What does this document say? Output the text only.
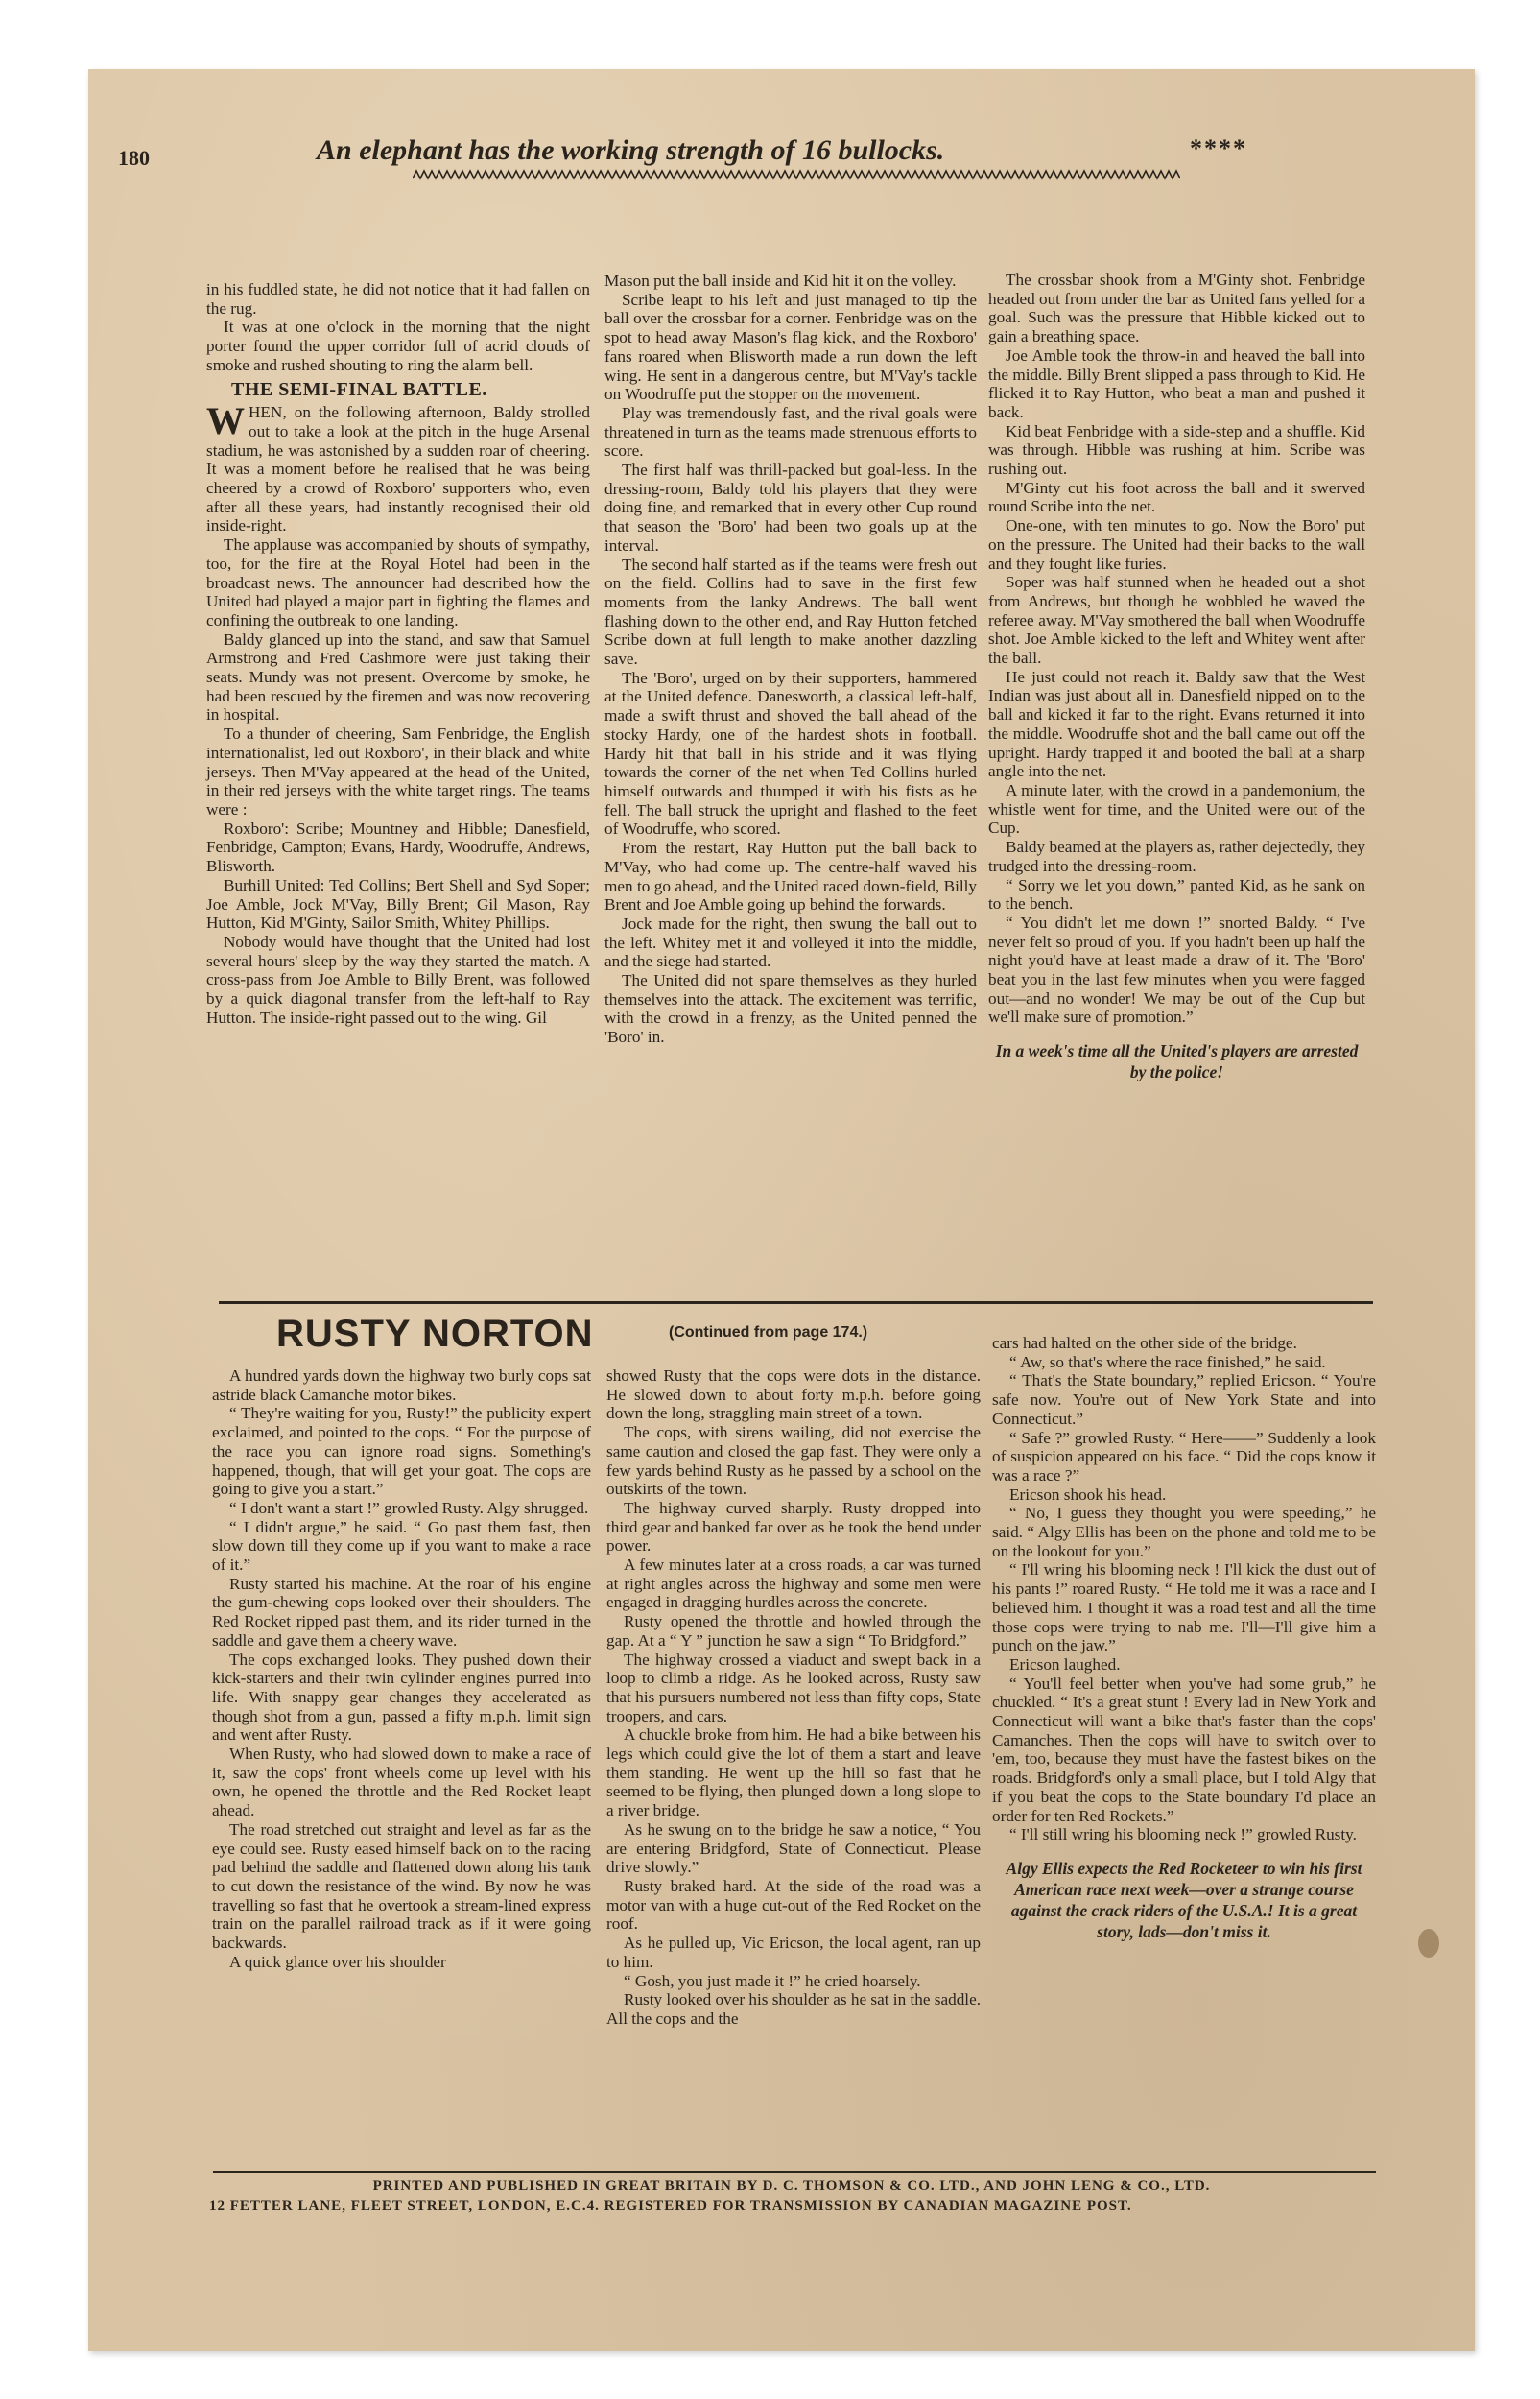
180	An elephant has the working strength of 16 bullocks.	****

in his fuddled state, he did not notice that it had fallen on the rug.

It was at one o'clock in the morning that the night porter found the upper corridor full of acrid clouds of smoke and rushed shouting to ring the alarm bell.

THE SEMI-FINAL BATTLE.

WHEN, on the following afternoon, Baldy strolled out to take a look at the pitch in the huge Arsenal stadium, he was astonished by a sudden roar of cheering. It was a moment before he realised that he was being cheered by a crowd of Roxboro' supporters who, even after all these years, had instantly recognised their old inside-right.

The applause was accompanied by shouts of sympathy, too, for the fire at the Royal Hotel had been in the broadcast news. The announcer had described how the United had played a major part in fighting the flames and confining the outbreak to one landing.

Baldy glanced up into the stand, and saw that Samuel Armstrong and Fred Cashmore were just taking their seats. Mundy was not present. Overcome by smoke, he had been rescued by the firemen and was now recovering in hospital.

To a thunder of cheering, Sam Fenbridge, the English internationalist, led out Roxboro', in their black and white jerseys. Then M'Vay appeared at the head of the United, in their red jerseys with the white target rings. The teams were :

Roxboro': Scribe; Mountney and Hibble; Danesfield, Fenbridge, Campton; Evans, Hardy, Woodruffe, Andrews, Blisworth.

Burhill United: Ted Collins; Bert Shell and Syd Soper; Joe Amble, Jock M'Vay, Billy Brent; Gil Mason, Ray Hutton, Kid M'Ginty, Sailor Smith, Whitey Phillips.

Nobody would have thought that the United had lost several hours' sleep by the way they started the match. A cross-pass from Joe Amble to Billy Brent, was followed by a quick diagonal transfer from the left-half to Ray Hutton. The inside-right passed out to the wing. Gil

Mason put the ball inside and Kid hit it on the volley.

Scribe leapt to his left and just managed to tip the ball over the crossbar for a corner. Fenbridge was on the spot to head away Mason's flag kick, and the Roxboro' fans roared when Blisworth made a run down the left wing. He sent in a dangerous centre, but M'Vay's tackle on Woodruffe put the stopper on the movement.

Play was tremendously fast, and the rival goals were threatened in turn as the teams made strenuous efforts to score.

The first half was thrill-packed but goal-less. In the dressing-room, Baldy told his players that they were doing fine, and remarked that in every other Cup round that season the 'Boro' had been two goals up at the interval.

The second half started as if the teams were fresh out on the field. Collins had to save in the first few moments from the lanky Andrews. The ball went flashing down to the other end, and Ray Hutton fetched Scribe down at full length to make another dazzling save.

The 'Boro', urged on by their supporters, hammered at the United defence. Danesworth, a classical left-half, made a swift thrust and shoved the ball ahead of the stocky Hardy, one of the hardest shots in football. Hardy hit that ball in his stride and it was flying towards the corner of the net when Ted Collins hurled himself outwards and thumped it with his fists as he fell. The ball struck the upright and flashed to the feet of Woodruffe, who scored.

From the restart, Ray Hutton put the ball back to M'Vay, who had come up. The centre-half waved his men to go ahead, and the United raced down-field, Billy Brent and Joe Amble going up behind the forwards.

Jock made for the right, then swung the ball out to the left. Whitey met it and volleyed it into the middle, and the siege had started.

The United did not spare themselves as they hurled themselves into the attack. The excitement was terrific, with the crowd in a frenzy, as the United penned the 'Boro' in.

The crossbar shook from a M'Ginty shot. Fenbridge headed out from under the bar as United fans yelled for a goal. Such was the pressure that Hibble kicked out to gain a breathing space.

Joe Amble took the throw-in and heaved the ball into the middle. Billy Brent slipped a pass through to Kid. He flicked it to Ray Hutton, who beat a man and pushed it back.

Kid beat Fenbridge with a side-step and a shuffle. Kid was through. Hibble was rushing at him. Scribe was rushing out.

M'Ginty cut his foot across the ball and it swerved round Scribe into the net.

One-one, with ten minutes to go. Now the Boro' put on the pressure. The United had their backs to the wall and they fought like furies.

Soper was half stunned when he headed out a shot from Andrews, but though he wobbled he waved the referee away. M'Vay smothered the ball when Woodruffe shot. Joe Amble kicked to the left and Whitey went after the ball.

He just could not reach it. Baldy saw that the West Indian was just about all in. Danesfield nipped on to the ball and kicked it far to the right. Evans returned it into the middle. Woodruffe shot and the ball came out off the upright. Hardy trapped it and booted the ball at a sharp angle into the net.

A minute later, with the crowd in a pandemonium, the whistle went for time, and the United were out of the Cup.

Baldy beamed at the players as, rather dejectedly, they trudged into the dressing-room.

“ Sorry we let you down,” panted Kid, as he sank on to the bench.

“ You didn't let me down !” snorted Baldy. “ I've never felt so proud of you. If you hadn't been up half the night you'd have at least made a draw of it. The 'Boro' beat you in the last few minutes when you were fagged out—and no wonder! We may be out of the Cup but we'll make sure of promotion.”

In a week's time all the United's players are arrested by the police!

RUSTY NORTON	(Continued from page 174.)

A hundred yards down the highway two burly cops sat astride black Camanche motor bikes.

“ They're waiting for you, Rusty!” the publicity expert exclaimed, and pointed to the cops. “ For the purpose of the race you can ignore road signs. Something's happened, though, that will get your goat. The cops are going to give you a start.”

“ I don't want a start !” growled Rusty. Algy shrugged.

“ I didn't argue,” he said. “ Go past them fast, then slow down till they come up if you want to make a race of it.”

Rusty started his machine. At the roar of his engine the gum-chewing cops looked over their shoulders. The Red Rocket ripped past them, and its rider turned in the saddle and gave them a cheery wave.

The cops exchanged looks. They pushed down their kick-starters and their twin cylinder engines purred into life. With snappy gear changes they accelerated as though shot from a gun, passed a fifty m.p.h. limit sign and went after Rusty.

When Rusty, who had slowed down to make a race of it, saw the cops' front wheels come up level with his own, he opened the throttle and the Red Rocket leapt ahead.

The road stretched out straight and level as far as the eye could see. Rusty eased himself back on to the racing pad behind the saddle and flattened down along his tank to cut down the resistance of the wind. By now he was travelling so fast that he overtook a stream-lined express train on the parallel railroad track as if it were going backwards.

A quick glance over his shoulder

showed Rusty that the cops were dots in the distance. He slowed down to about forty m.p.h. before going down the long, straggling main street of a town.

The cops, with sirens wailing, did not exercise the same caution and closed the gap fast. They were only a few yards behind Rusty as he passed by a school on the outskirts of the town.

The highway curved sharply. Rusty dropped into third gear and banked far over as he took the bend under power.

A few minutes later at a cross roads, a car was turned at right angles across the highway and some men were engaged in dragging hurdles across the concrete.

Rusty opened the throttle and howled through the gap. At a “ Y ” junction he saw a sign “ To Bridgford.”

The highway crossed a viaduct and swept back in a loop to climb a ridge. As he looked across, Rusty saw that his pursuers numbered not less than fifty cops, State troopers, and cars.

A chuckle broke from him. He had a bike between his legs which could give the lot of them a start and leave them standing. He went up the hill so fast that he seemed to be flying, then plunged down a long slope to a river bridge.

As he swung on to the bridge he saw a notice, “ You are entering Bridgford, State of Connecticut. Please drive slowly.”

Rusty braked hard. At the side of the road was a motor van with a huge cut-out of the Red Rocket on the roof.

As he pulled up, Vic Ericson, the local agent, ran up to him.

“ Gosh, you just made it !” he cried hoarsely.

Rusty looked over his shoulder as he sat in the saddle. All the cops and the

cars had halted on the other side of the bridge.

“ Aw, so that's where the race finished,” he said.

“ That's the State boundary,” replied Ericson. “ You're safe now. You're out of New York State and into Connecticut.”

“ Safe ?” growled Rusty. “ Here——” Suddenly a look of suspicion appeared on his face. “ Did the cops know it was a race ?”

Ericson shook his head.

“ No, I guess they thought you were speeding,” he said. “ Algy Ellis has been on the phone and told me to be on the lookout for you.”

“ I'll wring his blooming neck ! I'll kick the dust out of his pants !” roared Rusty. “ He told me it was a race and I believed him. I thought it was a road test and all the time those cops were trying to nab me. I'll—I'll give him a punch on the jaw.”

Ericson laughed.

“ You'll feel better when you've had some grub,” he chuckled. “ It's a great stunt ! Every lad in New York and Connecticut will want a bike that's faster than the cops' Camanches. Then the cops will have to switch over to 'em, too, because they must have the fastest bikes on the roads. Bridgford's only a small place, but I told Algy that if you beat the cops to the State boundary I'd place an order for ten Red Rockets.”

“ I'll still wring his blooming neck !” growled Rusty.

Algy Ellis expects the Red Rocketeer to win his first American race next week—over a strange course against the crack riders of the U.S.A.! It is a great story, lads—don't miss it.

PRINTED AND PUBLISHED IN GREAT BRITAIN BY D. C. THOMSON & CO. LTD., AND JOHN LENG & CO., LTD.
12 FETTER LANE, FLEET STREET, LONDON, E.C.4. REGISTERED FOR TRANSMISSION BY CANADIAN MAGAZINE POST.
